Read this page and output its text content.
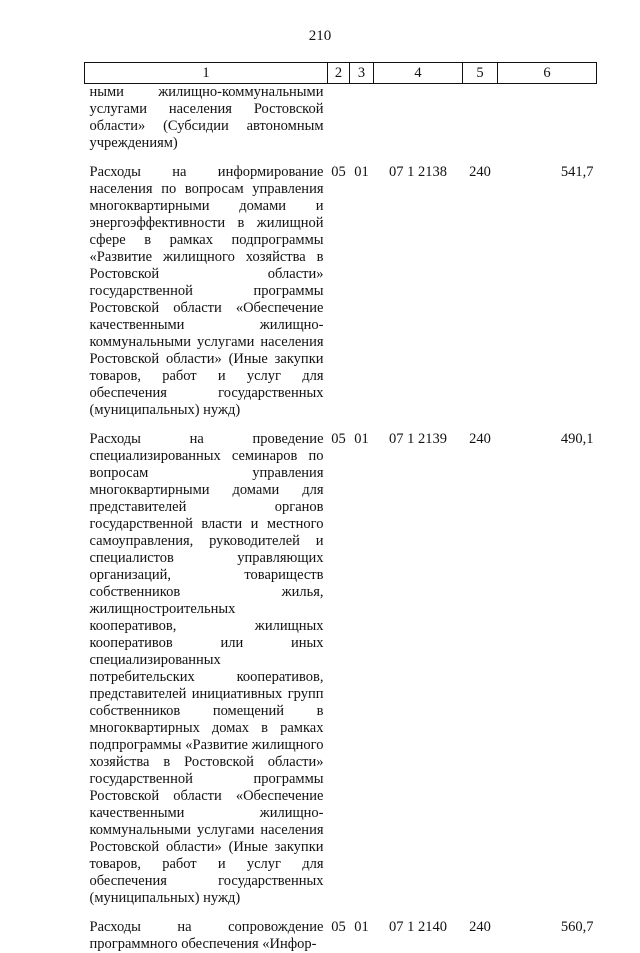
210
1	2	3	4	5	6
ными жилищно-коммунальными услугами населения Ростовской области» (Субсидии автономным учреждениям)					
Расходы на информирование населения по вопросам управления многоквартирными домами и энергоэффективности в жилищной сфере в рамках подпрограммы «Развитие жилищного хозяйства в Ростовской области» государственной программы Ростовской области «Обеспечение качественными жилищно-коммунальными услугами населения Ростовской области» (Иные закупки товаров, работ и услуг для обеспечения государственных (муниципальных) нужд)	05	01	07 1 2138	240	541,7
Расходы на проведение специализированных семинаров по вопросам управления многоквартирными домами для представителей органов государственной власти и местного самоуправления, руководителей и специалистов управляющих организаций, товариществ собственников жилья, жилищностроительных кооперативов, жилищных кооперативов или иных специализированных потребительских кооперативов, представителей инициативных групп собственников помещений в многоквартирных домах в рамках подпрограммы «Развитие жилищного хозяйства в Ростовской области» государственной программы Ростовской области «Обеспечение качественными жилищно-коммунальными услугами населения Ростовской области» (Иные закупки товаров, работ и услуг для обеспечения государственных (муниципальных) нужд)	05	01	07 1 2139	240	490,1
Расходы на сопровождение программного обеспечения «Инфор-	05	01	07 1 2140	240	560,7
